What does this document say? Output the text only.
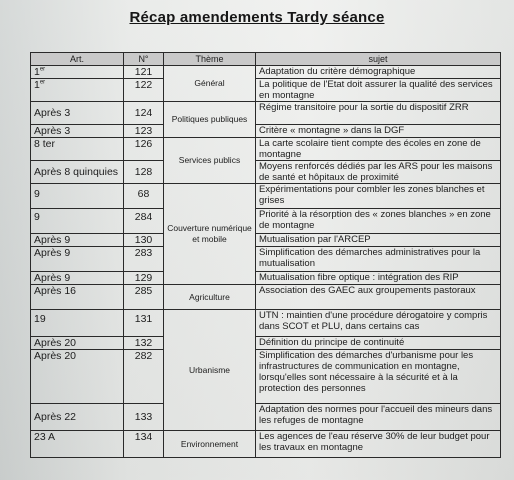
Récap amendements Tardy séance
Art.	N°	Thème	sujet
1er	121	Général	Adaptation du critère démographique
1er	122		La politique de l'Etat doit assurer la qualité des services en montagne
Après 3	124	Politiques publiques	Régime transitoire pour la sortie du dispositif ZRR
Après 3	123		Critère « montagne » dans la DGF
8 ter	126	Services publics	La carte scolaire tient compte des écoles en zone de montagne
Après 8 quinquies	128		Moyens renforcés dédiés par les ARS pour les maisons de santé et hôpitaux de proximité
9	68	Couverture numérique et mobile	Expérimentations pour combler les zones blanches et grises
9	284		Priorité à la résorption des « zones blanches » en zone de montagne
Après 9	130		Mutualisation par l'ARCEP
Après 9	283		Simplification des démarches administratives pour la mutualisation
Après 9	129		Mutualisation fibre optique : intégration des RIP
Après 16	285	Agriculture	Association des GAEC aux groupements pastoraux
19	131	Urbanisme	UTN : maintien d'une procédure dérogatoire y compris dans SCOT et PLU, dans certains cas
Après 20	132		Définition du principe de continuité
Après 20	282		Simplification des démarches d'urbanisme pour les infrastructures de communication en montagne, lorsqu'elles sont nécessaire à la sécurité et à la protection des personnes
Après 22	133		Adaptation des normes pour l'accueil des mineurs dans les refuges de montagne
23 A	134	Environnement	Les agences de l'eau réserve 30% de leur budget pour les travaux en montagne
